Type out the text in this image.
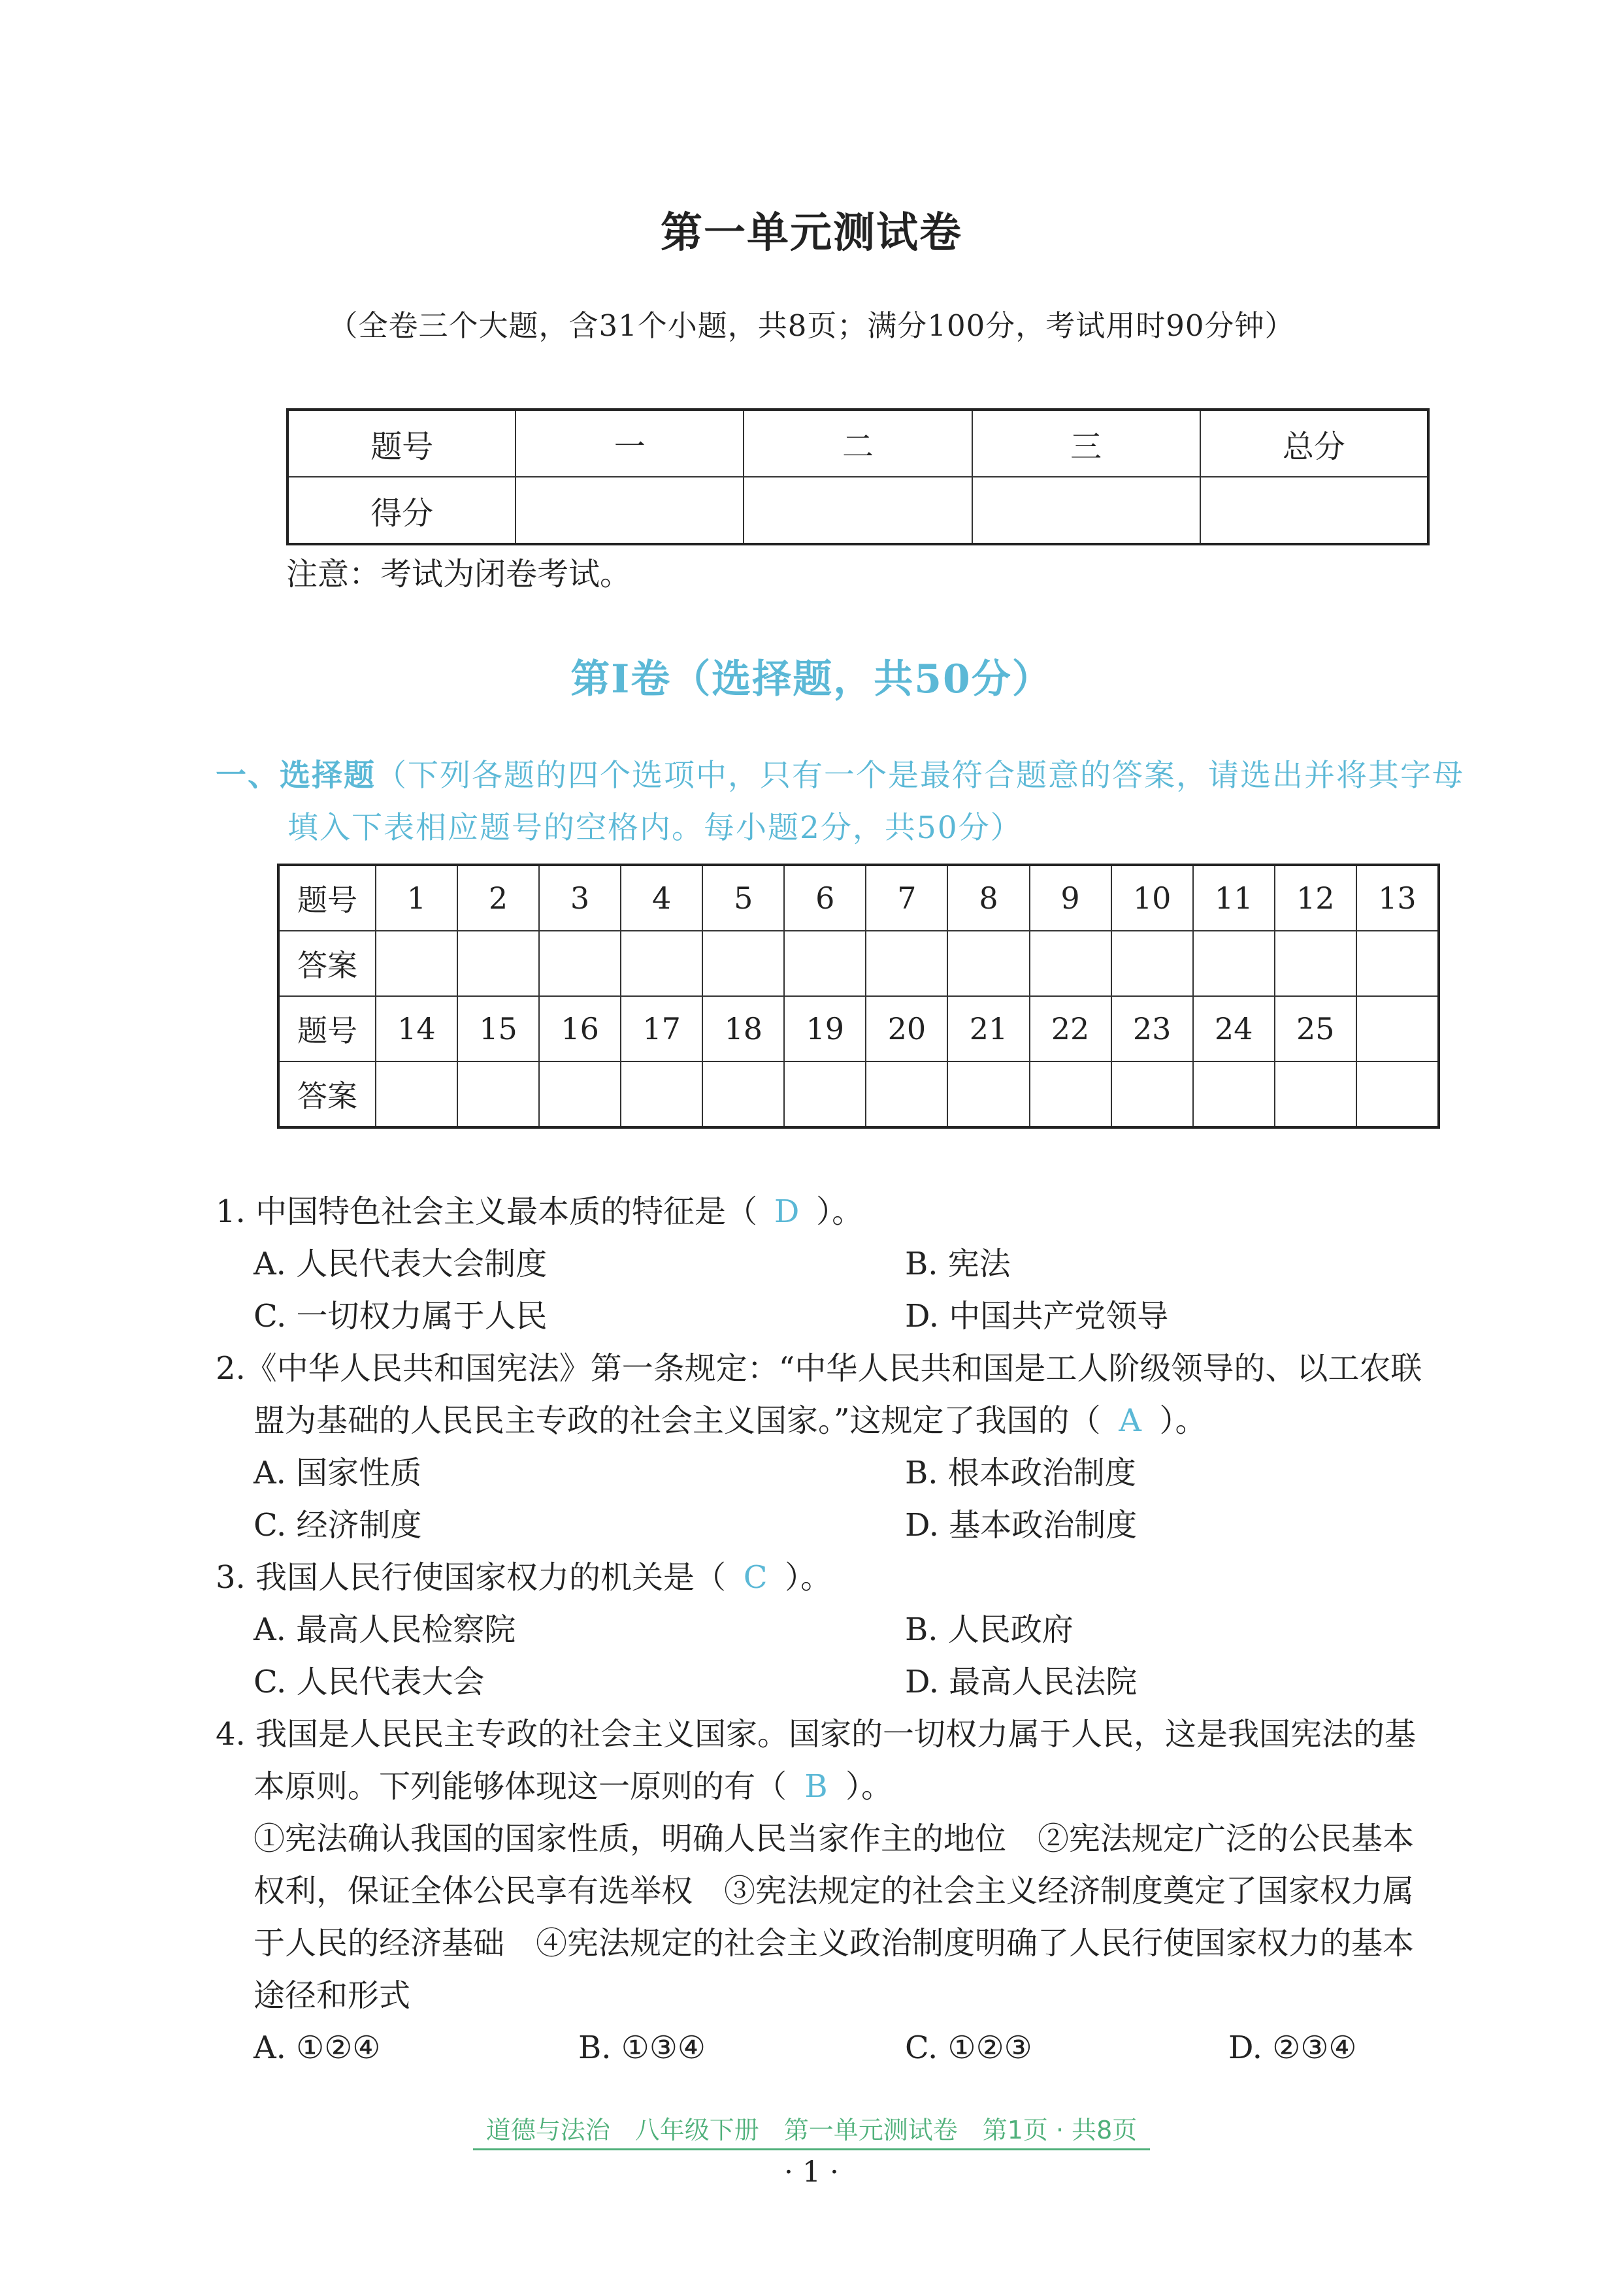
第一单元测试卷
（全卷三个大题，含31个小题，共8页；满分100分，考试用时90分钟）
题号	一	二	三	总分
得分				
注意：考试为闭卷考试。
第Ⅰ卷（选择题，共50分）
一、选择题（下列各题的四个选项中，只有一个是最符合题意的答案，请选出并将其字母
填入下表相应题号的空格内。每小题2分，共50分）
题号	1	2	3	4	5	6	7	8	9	10	11	12	13
答案													
题号	14	15	16	17	18	19	20	21	22	23	24	25	
答案													
1. 中国特色社会主义最本质的特征是（ D ）。
A. 人民代表大会制度	B. 宪法
C. 一切权力属于人民	D. 中国共产党领导
2.《中华人民共和国宪法》第一条规定：“中华人民共和国是工人阶级领导的、以工农联
盟为基础的人民民主专政的社会主义国家。”这规定了我国的（ A ）。
A. 国家性质	B. 根本政治制度
C. 经济制度	D. 基本政治制度
3. 我国人民行使国家权力的机关是（ C ）。
A. 最高人民检察院	B. 人民政府
C. 人民代表大会	D. 最高人民法院
4. 我国是人民民主专政的社会主义国家。国家的一切权力属于人民，这是我国宪法的基
本原则。下列能够体现这一原则的有（ B ）。
①宪法确认我国的国家性质，明确人民当家作主的地位　②宪法规定广泛的公民基本
权利，保证全体公民享有选举权　③宪法规定的社会主义经济制度奠定了国家权力属
于人民的经济基础　④宪法规定的社会主义政治制度明确了人民行使国家权力的基本
途径和形式
A. ①②④	B. ①③④	C. ①②③	D. ②③④
道德与法治　八年级下册　第一单元测试卷　第1页 · 共8页
· 1 ·
